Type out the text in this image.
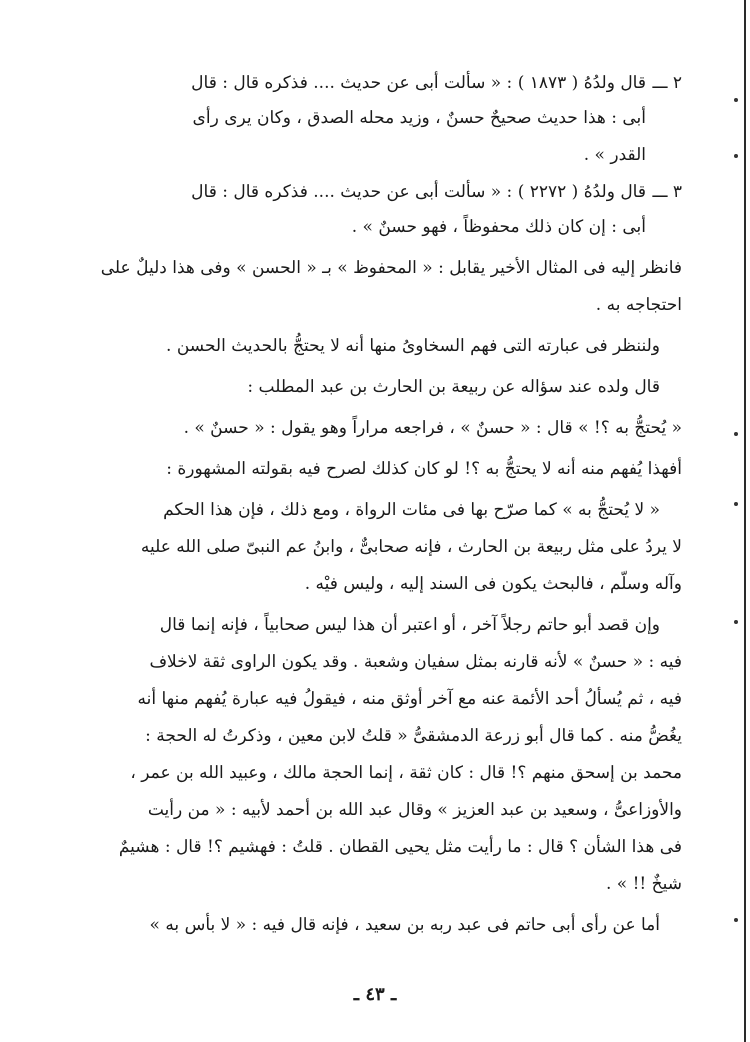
٢ ـــ
قال ولدُهُ ( ١٨٧٣ ) : « سألت أبى عن حديث .... فذكره قال : قال
أبى : هذا حديث صحيحٌ حسنٌ ، وزيد محله الصدق ، وكان يرى رأى
القدر » .
٣ ـــ
قال ولدُهُ ( ٢٢٧٢ ) : « سألت أبى عن حديث .... فذكره قال : قال
أبى : إن كان ذلك محفوظاً ، فهو حسنٌ » .
فانظر إليه فى المثال الأخير يقابل : « المحفوظ » بـ « الحسن » وفى هذا دليلٌ على
احتجاجه به .
ولننظر فى عبارته التى فهم السخاوىُ منها أنه لا يحتجُّ بالحديث الحسن .
قال ولده عند سؤاله عن ربيعة بن الحارث بن عبد المطلب :
« يُحتجُّ به ؟! » قال : « حسنٌ » ، فراجعه مراراً وهو يقول : « حسنٌ » .
أفهذا يُفهم منه أنه لا يحتجُّ به ؟! لو كان كذلك لصرح فيه بقولته المشهورة :
« لا يُحتجُّ به » كما صرّح بها فى مئات الرواة ، ومع ذلك ، فإن هذا الحكم
لا يردُ على مثل ربيعة بن الحارث ، فإنه صحابىٌّ ، وابنُ عم النبىّ صلى الله عليه
وآله وسلّم ، فالبحث يكون فى السند إليه ، وليس فيْه .
وإن قصد أبو حاتم رجلاً آخر ، أو اعتبر أن هذا ليس صحابياً ، فإنه إنما قال
فيه : « حسنٌ » لأنه قارنه بمثل سفيان وشعبة . وقد يكون الراوى ثقة لاخلاف
فيه ، ثم يُسألُ أحد الأئمة عنه مع آخر أوثق منه ، فيقولُ فيه عبارة يُفهم منها أنه
يغُضُّ منه . كما قال أبو زرعة الدمشقىُّ « قلتُ لابن معين ، وذكرتُ له الحجة :
محمد بن إسحق منهم ؟! قال : كان ثقة ، إنما الحجة مالك ، وعبيد الله بن عمر ،
والأوزاعىُّ ، وسعيد بن عبد العزيز » وقال عبد الله بن أحمد لأبيه : « من رأيت
فى هذا الشأن ؟ قال : ما رأيت مثل يحيى القطان . قلتُ : فهشيم ؟! قال : هشيمٌ
شيخٌ !! » .
أما عن رأى أبى حاتم فى عبد ربه بن سعيد ، فإنه قال فيه : « لا بأس به »
ـ ٤٣ ـ
